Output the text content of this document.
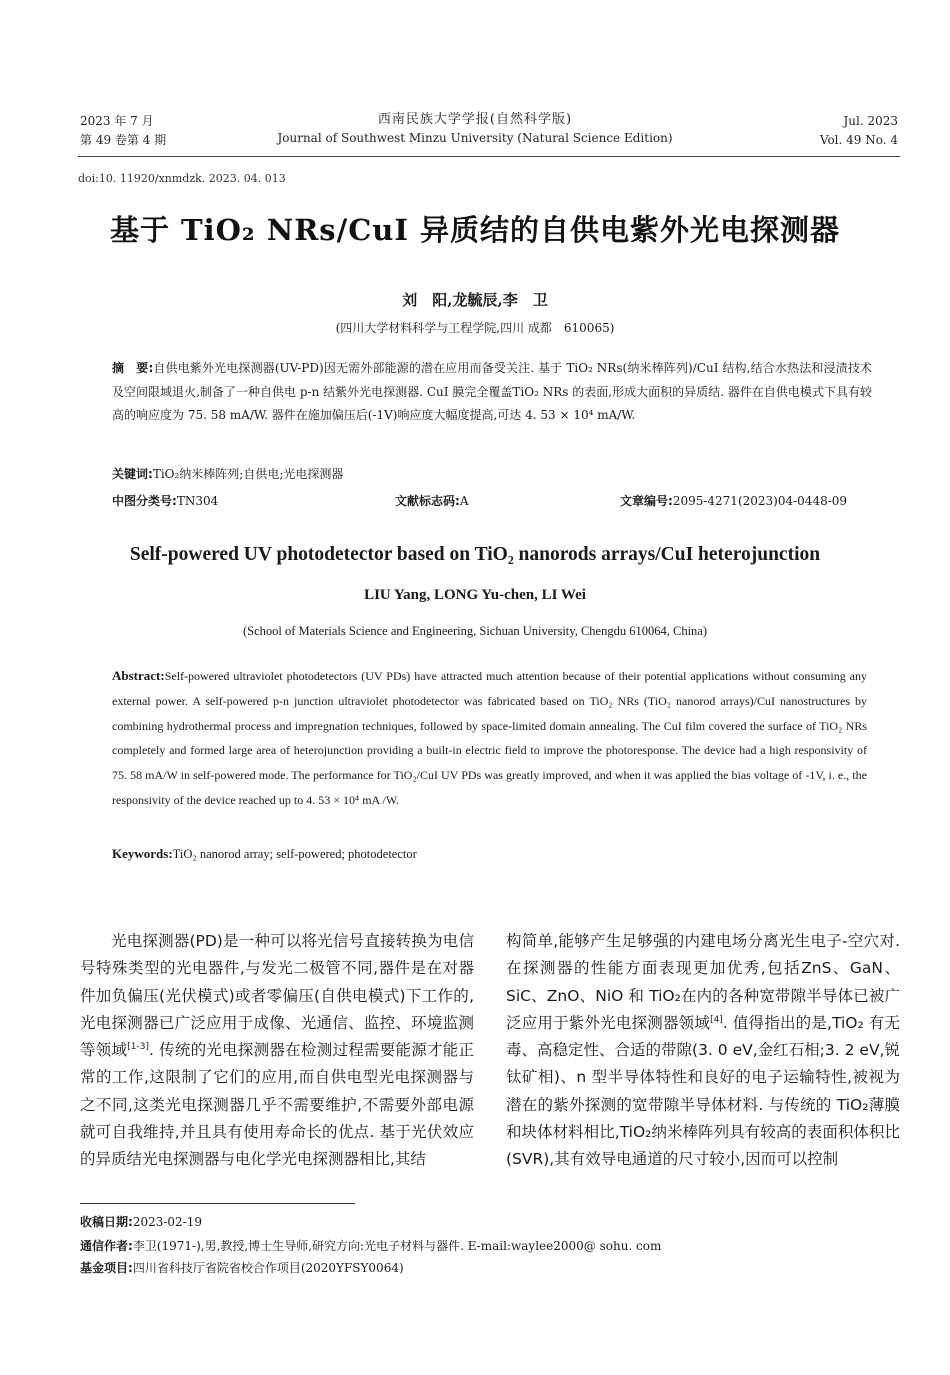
2023 年 7 月
第 49 卷第 4 期
西南民族大学学报(自然科学版)
Journal of Southwest Minzu University (Natural Science Edition)
Jul. 2023
Vol. 49 No. 4
doi:10. 11920/xnmdzk. 2023. 04. 013
基于 TiO₂ NRs/CuI 异质结的自供电紫外光电探测器
刘　阳,龙毓辰,李　卫
(四川大学材料科学与工程学院,四川 成都　610065)
摘　要:自供电紫外光电探测器(UV-PD)因无需外部能源的潜在应用而备受关注. 基于 TiO₂ NRs(纳米棒阵列)/CuI 结构,结合水热法和浸渍技术及空间限域退火,制备了一种自供电 p-n 结紫外光电探测器. CuI 膜完全覆盖TiO₂ NRs 的表面,形成大面积的异质结. 器件在自供电模式下具有较高的响应度为 75. 58 mA/W. 器件在施加偏压后(-1V)响应度大幅度提高,可达 4. 53 × 10⁴ mA/W.
关键词:TiO₂纳米棒阵列;自供电;光电探测器
中图分类号:TN304	文献标志码:A	文章编号:2095-4271(2023)04-0448-09
Self-powered UV photodetector based on TiO₂ nanorods arrays/CuI heterojunction
LIU Yang, LONG Yu-chen, LI Wei
(School of Materials Science and Engineering, Sichuan University, Chengdu 610064, China)
Abstract:Self-powered ultraviolet photodetectors (UV PDs) have attracted much attention because of their potential applications without consuming any external power. A self-powered p-n junction ultraviolet photodetector was fabricated based on TiO₂ NRs (TiO₂ nanorod arrays)/CuI nanostructures by combining hydrothermal process and impregnation techniques, followed by space-limited domain annealing. The CuI film covered the surface of TiO₂ NRs completely and formed large area of heterojunction providing a built-in electric field to improve the photoresponse. The device had a high responsivity of 75. 58 mA/W in self-powered mode. The performance for TiO₂/CuI UV PDs was greatly improved, and when it was applied the bias voltage of -1V, i. e., the responsivity of the device reached up to 4. 53 × 10⁴ mA /W.
Keywords:TiO₂ nanorod array; self-powered; photodetector
光电探测器(PD)是一种可以将光信号直接转换为电信号特殊类型的光电器件,与发光二极管不同,器件是在对器件加负偏压(光伏模式)或者零偏压(自供电模式)下工作的,光电探测器已广泛应用于成像、光通信、监控、环境监测等领域[1-3]. 传统的光电探测器在检测过程需要能源才能正常的工作,这限制了它们的应用,而自供电型光电探测器与之不同,这类光电探测器几乎不需要维护,不需要外部电源就可自我维持,并且具有使用寿命长的优点. 基于光伏效应的异质结光电探测器与电化学光电探测器相比,其结
构简单,能够产生足够强的内建电场分离光生电子-空穴对. 在探测器的性能方面表现更加优秀,包括ZnS、GaN、SiC、ZnO、NiO 和 TiO₂在内的各种宽带隙半导体已被广泛应用于紫外光电探测器领域[4]. 值得指出的是,TiO₂ 有无毒、高稳定性、合适的带隙(3. 0 eV,金红石相;3. 2 eV,锐钛矿相)、n 型半导体特性和良好的电子运输特性,被视为潜在的紫外探测的宽带隙半导体材料. 与传统的 TiO₂薄膜和块体材料相比,TiO₂纳米棒阵列具有较高的表面积体积比(SVR),其有效导电通道的尺寸较小,因而可以控制
收稿日期:2023-02-19
通信作者:李卫(1971-),男,教授,博士生导师,研究方向:光电子材料与器件. E-mail:waylee2000@ sohu. com
基金项目:四川省科技厅省院省校合作项目(2020YFSY0064)
